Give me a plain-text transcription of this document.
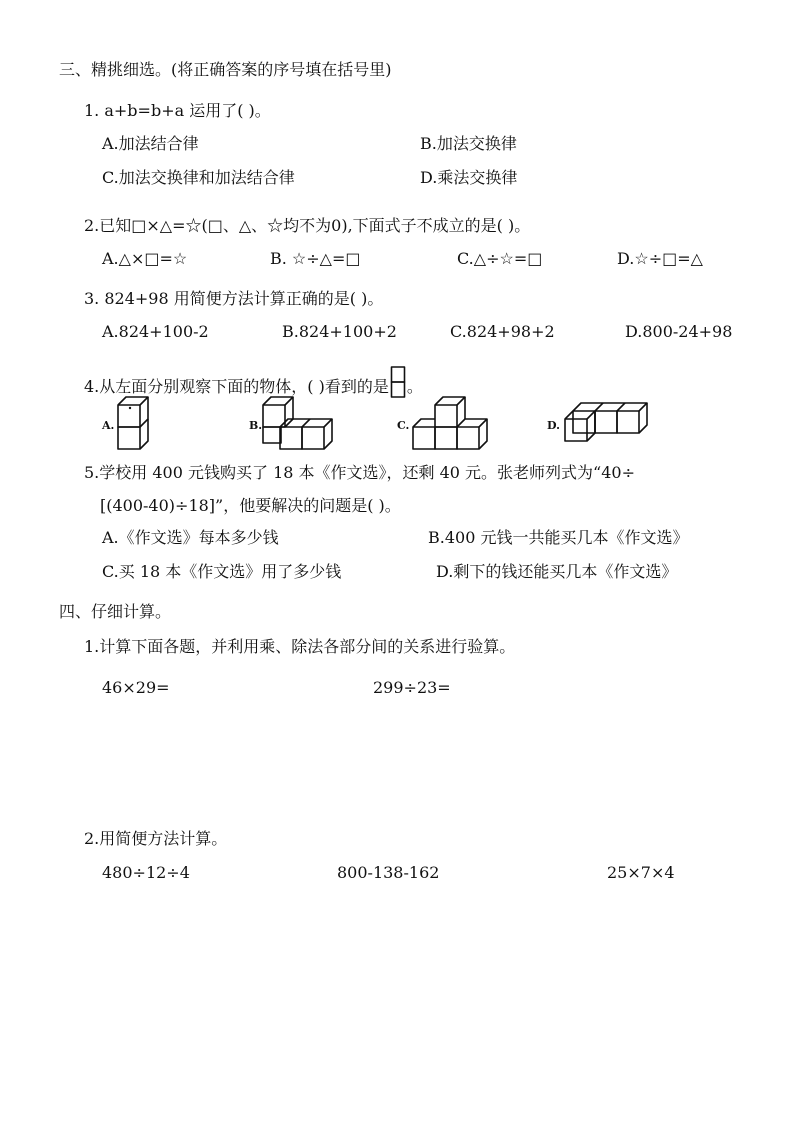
三、精挑细选。(将正确答案的序号填在括号里)
1. a+b=b+a 运用了( )。
A.加法结合律	B.加法交换律
C.加法交换律和加法结合律	D.乘法交换律
2.已知□×△=☆(□、△、☆均不为0),下面式子不成立的是( )。
A.△×□=☆	B. ☆÷△=□	C.△÷☆=□	D.☆÷□=△
3. 824+98 用简便方法计算正确的是( )。
A.824+100-2	B.824+100+2	C.824+98+2	D.800-24+98
4.从左面分别观察下面的物体，( )看到的是 。
A.	B.	C.	D.
5.学校用 400 元钱购买了 18 本《作文选》，还剩 40 元。张老师列式为“40÷
[(400-40)÷18]”，他要解决的问题是( )。
A.《作文选》每本多少钱	B.400 元钱一共能买几本《作文选》
C.买 18 本《作文选》用了多少钱	D.剩下的钱还能买几本《作文选》
四、仔细计算。
1.计算下面各题，并利用乘、除法各部分间的关系进行验算。
46×29=	299÷23=
2.用简便方法计算。
480÷12÷4	800-138-162	25×7×4
